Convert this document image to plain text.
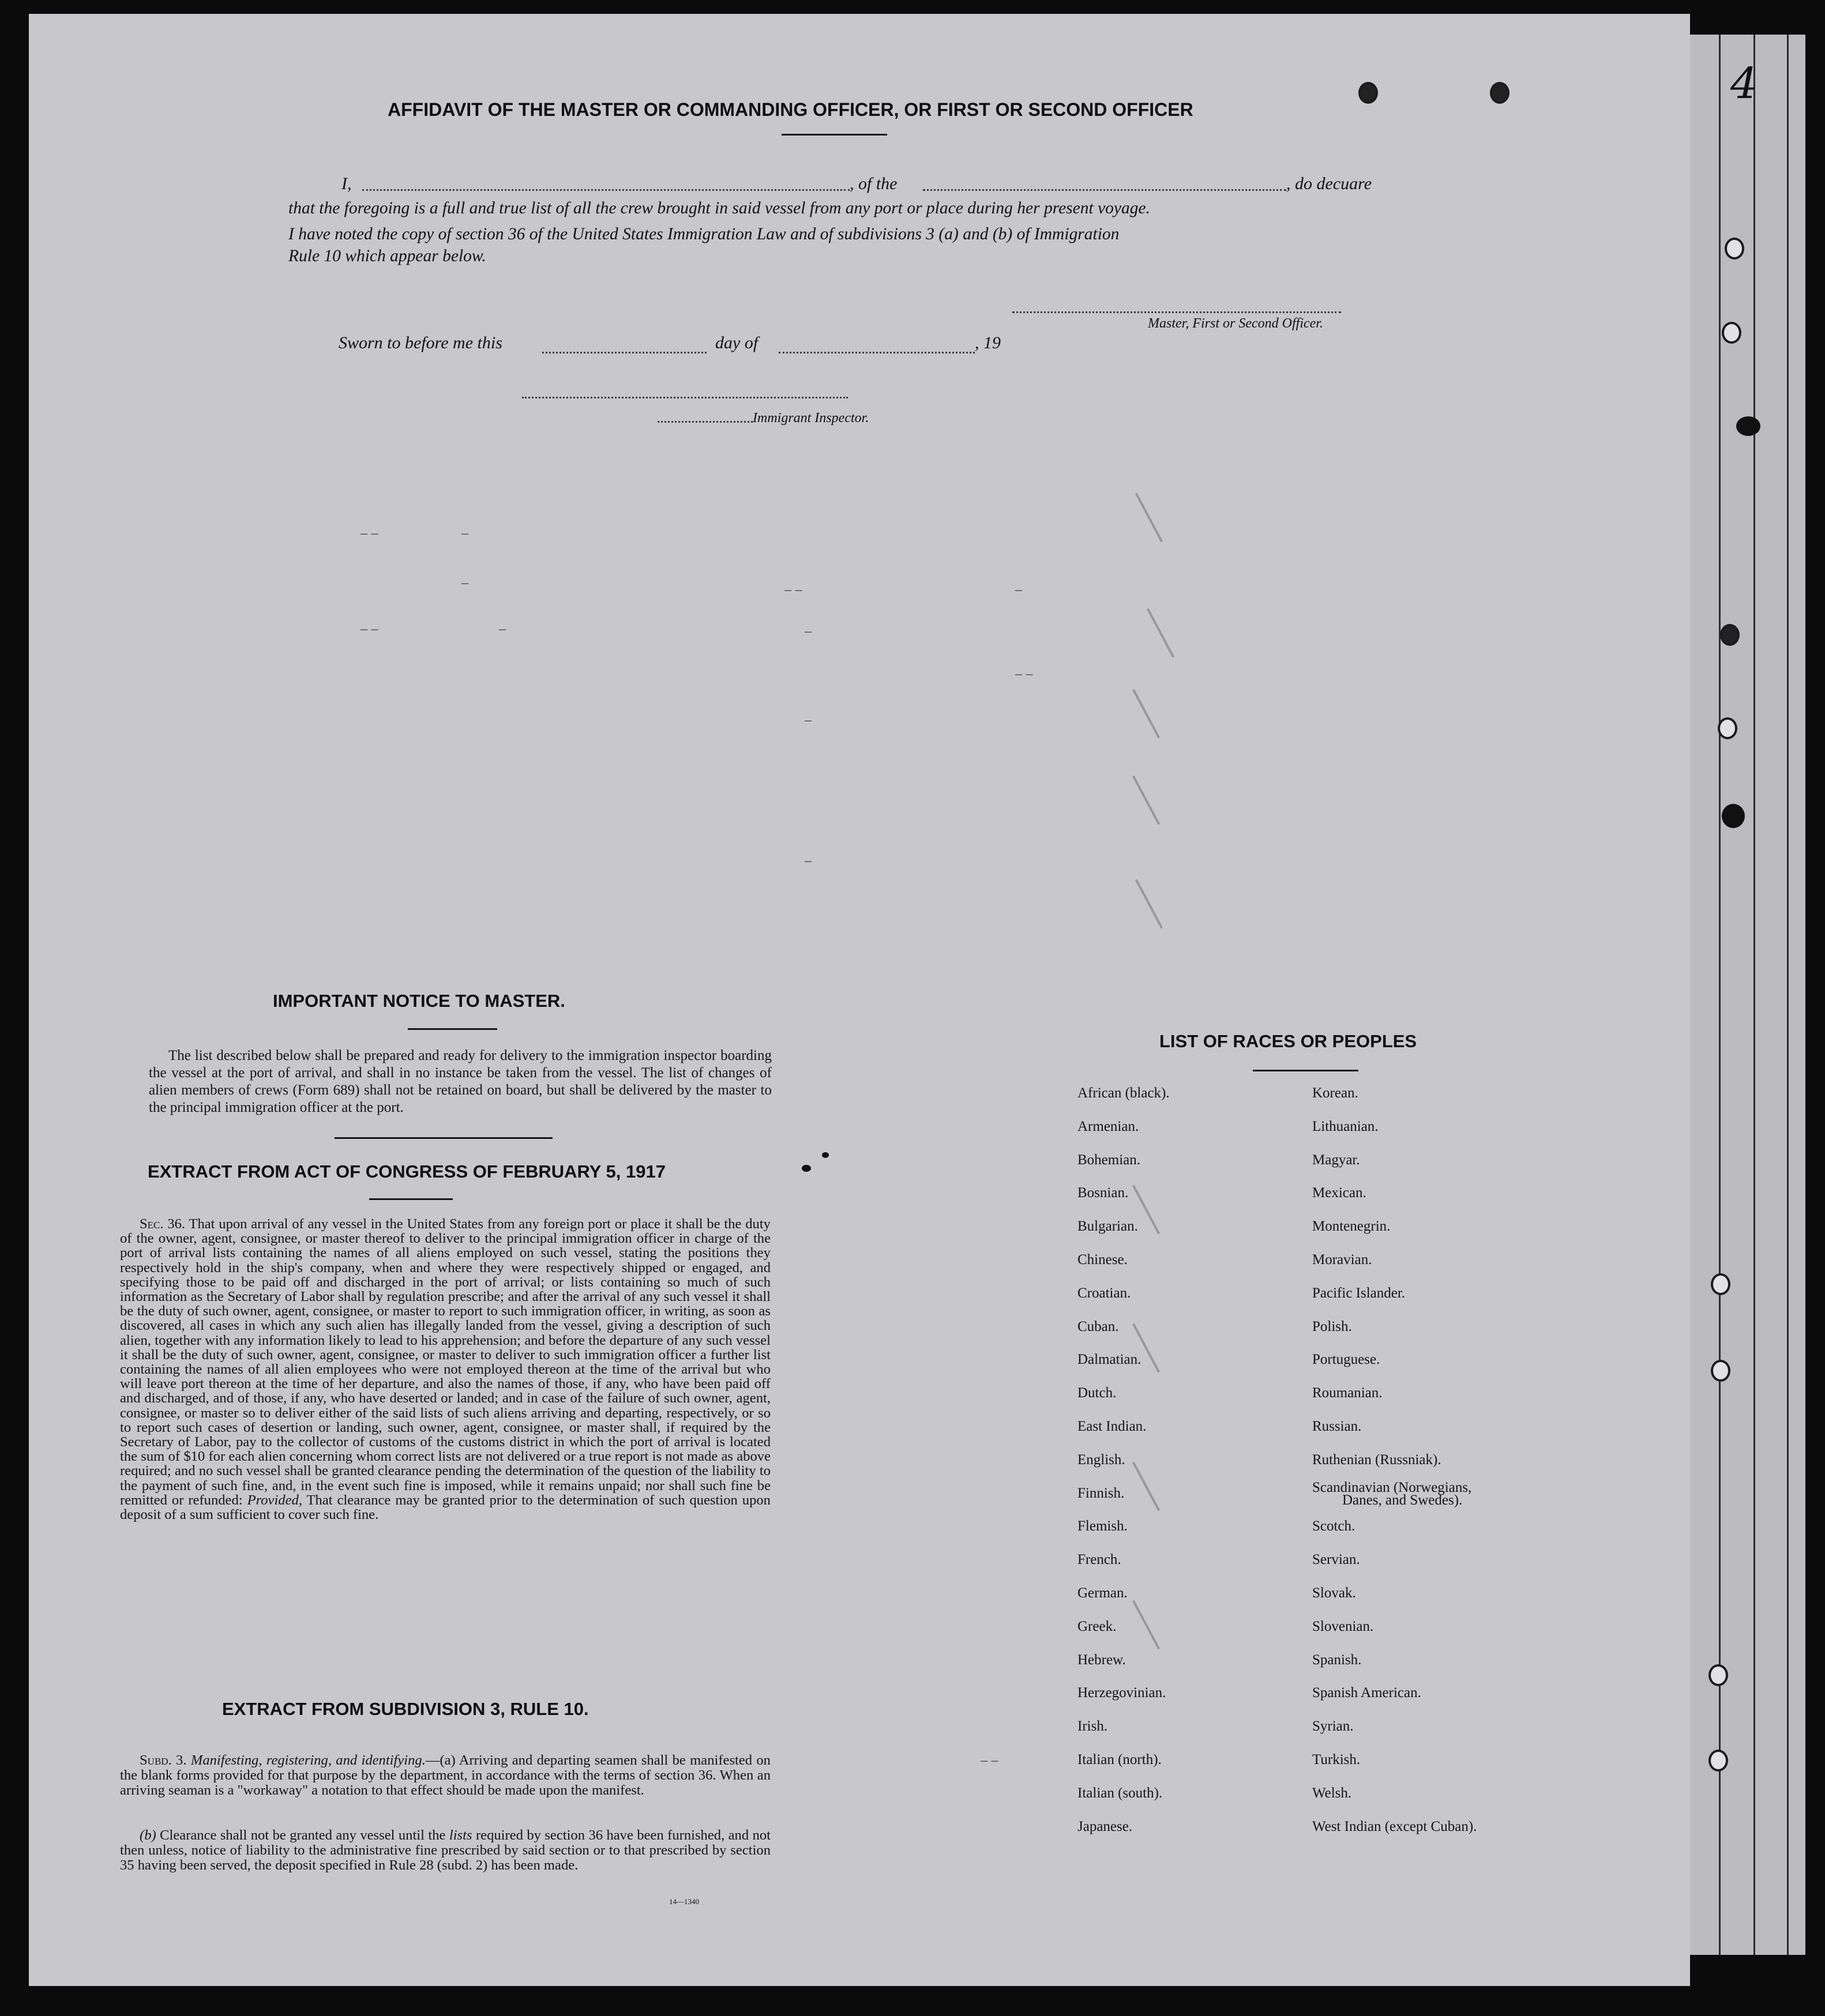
4
AFFIDAVIT OF THE MASTER OR COMMANDING OFFICER, OR FIRST OR SECOND OFFICER
I,	, of the	, do decuare
that the foregoing is a full and true list of all the crew brought in said vessel from any port or place during her present voyage.
I have noted the copy of section 36 of the United States Immigration Law and of subdivisions 3 (a) and (b) of Immigration
Rule 10 which appear below.
Master, First or Second Officer.
Sworn to before me this	day of	, 19
Immigrant Inspector.
– –	–
–	– –	–
– –	–	–
– –
–
–
– –
IMPORTANT NOTICE TO MASTER.
The list described below shall be prepared and ready for delivery to the immigration inspector boarding the vessel at the port of arrival, and shall in no instance be taken from the vessel. The list of changes of alien members of crews (Form 689) shall not be retained on board, but shall be delivered by the master to the principal immigration officer at the port.
EXTRACT FROM ACT OF CONGRESS OF FEBRUARY 5, 1917
Sec. 36. That upon arrival of any vessel in the United States from any foreign port or place it shall be the duty of the owner, agent, consignee, or master thereof to deliver to the principal immigration officer in charge of the port of arrival lists containing the names of all aliens employed on such vessel, stating the positions they respectively hold in the ship's company, when and where they were respectively shipped or engaged, and specifying those to be paid off and discharged in the port of arrival; or lists containing so much of such information as the Secretary of Labor shall by regulation prescribe; and after the arrival of any such vessel it shall be the duty of such owner, agent, consignee, or master to report to such immigration officer, in writing, as soon as discovered, all cases in which any such alien has illegally landed from the vessel, giving a description of such alien, together with any information likely to lead to his apprehension; and before the departure of any such vessel it shall be the duty of such owner, agent, consignee, or master to deliver to such immigration officer a further list containing the names of all alien employees who were not employed thereon at the time of the arrival but who will leave port thereon at the time of her departure, and also the names of those, if any, who have been paid off and discharged, and of those, if any, who have deserted or landed; and in case of the failure of such owner, agent, consignee, or master so to deliver either of the said lists of such aliens arriving and departing, respectively, or so to report such cases of desertion or landing, such owner, agent, consignee, or master shall, if required by the Secretary of Labor, pay to the collector of customs of the customs district in which the port of arrival is located the sum of $10 for each alien concerning whom correct lists are not delivered or a true report is not made as above required; and no such vessel shall be granted clearance pending the determination of the question of the liability to the payment of such fine, and, in the event such fine is imposed, while it remains unpaid; nor shall such fine be remitted or refunded: Provided, That clearance may be granted prior to the determination of such question upon deposit of a sum sufficient to cover such fine.
EXTRACT FROM SUBDIVISION 3, RULE 10.
Subd. 3. Manifesting, registering, and identifying.—(a) Arriving and departing seamen shall be manifested on the blank forms provided for that purpose by the department, in accordance with the terms of section 36. When an arriving seaman is a "workaway" a notation to that effect should be made upon the manifest.
(b) Clearance shall not be granted any vessel until the lists required by section 36 have been furnished, and not then unless, notice of liability to the administrative fine prescribed by said section or to that prescribed by section 35 having been served, the deposit specified in Rule 28 (subd. 2) has been made.
14—1340
LIST OF RACES OR PEOPLES
African (black).
Armenian.
Bohemian.
Bosnian.
Bulgarian.
Chinese.
Croatian.
Cuban.
Dalmatian.
Dutch.
East Indian.
English.
Finnish.
Flemish.
French.
German.
Greek.
Hebrew.
Herzegovinian.
Irish.
Italian (north).
Italian (south).
Japanese.
Korean.
Lithuanian.
Magyar.
Mexican.
Montenegrin.
Moravian.
Pacific Islander.
Polish.
Portuguese.
Roumanian.
Russian.
Ruthenian (Russniak).
Scandinavian (Norwegians,
Danes, and Swedes).
Scotch.
Servian.
Slovak.
Slovenian.
Spanish.
Spanish American.
Syrian.
Turkish.
Welsh.
West Indian (except Cuban).
